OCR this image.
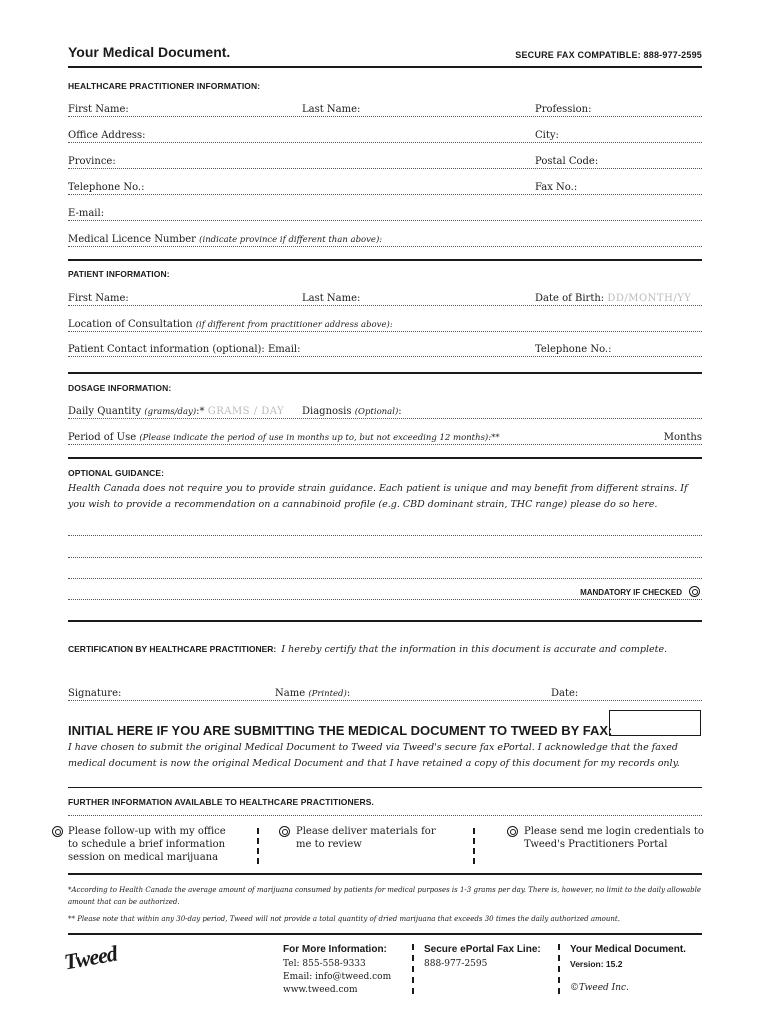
Your Medical Document.	SECURE FAX COMPATIBLE: 888-977-2595
HEALTHCARE PRACTITIONER INFORMATION:
First Name:	Last Name:	Profession:
Office Address:	City:
Province:	Postal Code:
Telephone No.:	Fax No.:
E-mail:
Medical Licence Number (indicate province if different than above):
PATIENT INFORMATION:
First Name:	Last Name:	Date of Birth: DD/MONTH/YY
Location of Consultation (if different from practitioner address above):
Patient Contact information (optional): Email:	Telephone No.:
DOSAGE INFORMATION:
Daily Quantity (grams/day):* GRAMS / DAY Diagnosis (Optional):
Period of Use (Please indicate the period of use in months up to, but not exceeding 12 months):**	Months
OPTIONAL GUIDANCE:
Health Canada does not require you to provide strain guidance. Each patient is unique and may benefit from different strains. If you wish to provide a recommendation on a cannabinoid profile (e.g. CBD dominant strain, THC range) please do so here.
MANDATORY IF CHECKED
CERTIFICATION BY HEALTHCARE PRACTITIONER: I hereby certify that the information in this document is accurate and complete.
Signature:	Name (Printed):	Date:
INITIAL HERE IF YOU ARE SUBMITTING THE MEDICAL DOCUMENT TO TWEED BY FAX:
I have chosen to submit the original Medical Document to Tweed via Tweed's secure fax ePortal. I acknowledge that the faxed medical document is now the original Medical Document and that I have retained a copy of this document for my records only.
FURTHER INFORMATION AVAILABLE TO HEALTHCARE PRACTITIONERS.
Please follow-up with my office
to schedule a brief information
session on medical marijuana
Please deliver materials for
me to review
Please send me login credentials to
Tweed's Practitioners Portal
*According to Health Canada the average amount of marijuana consumed by patients for medical purposes is 1-3 grams per day. There is, however, no limit to the daily allowable amount that can be authorized.
** Please note that within any 30-day period, Tweed will not provide a total quantity of dried marijuana that exceeds 30 times the daily authorized amount.
Tweed	For More Information:
Tel: 855-558-9333
Email: info@tweed.com
www.tweed.com
Secure ePortal Fax Line:
888-977-2595
Your Medical Document.
Version: 15.2
©Tweed Inc.
